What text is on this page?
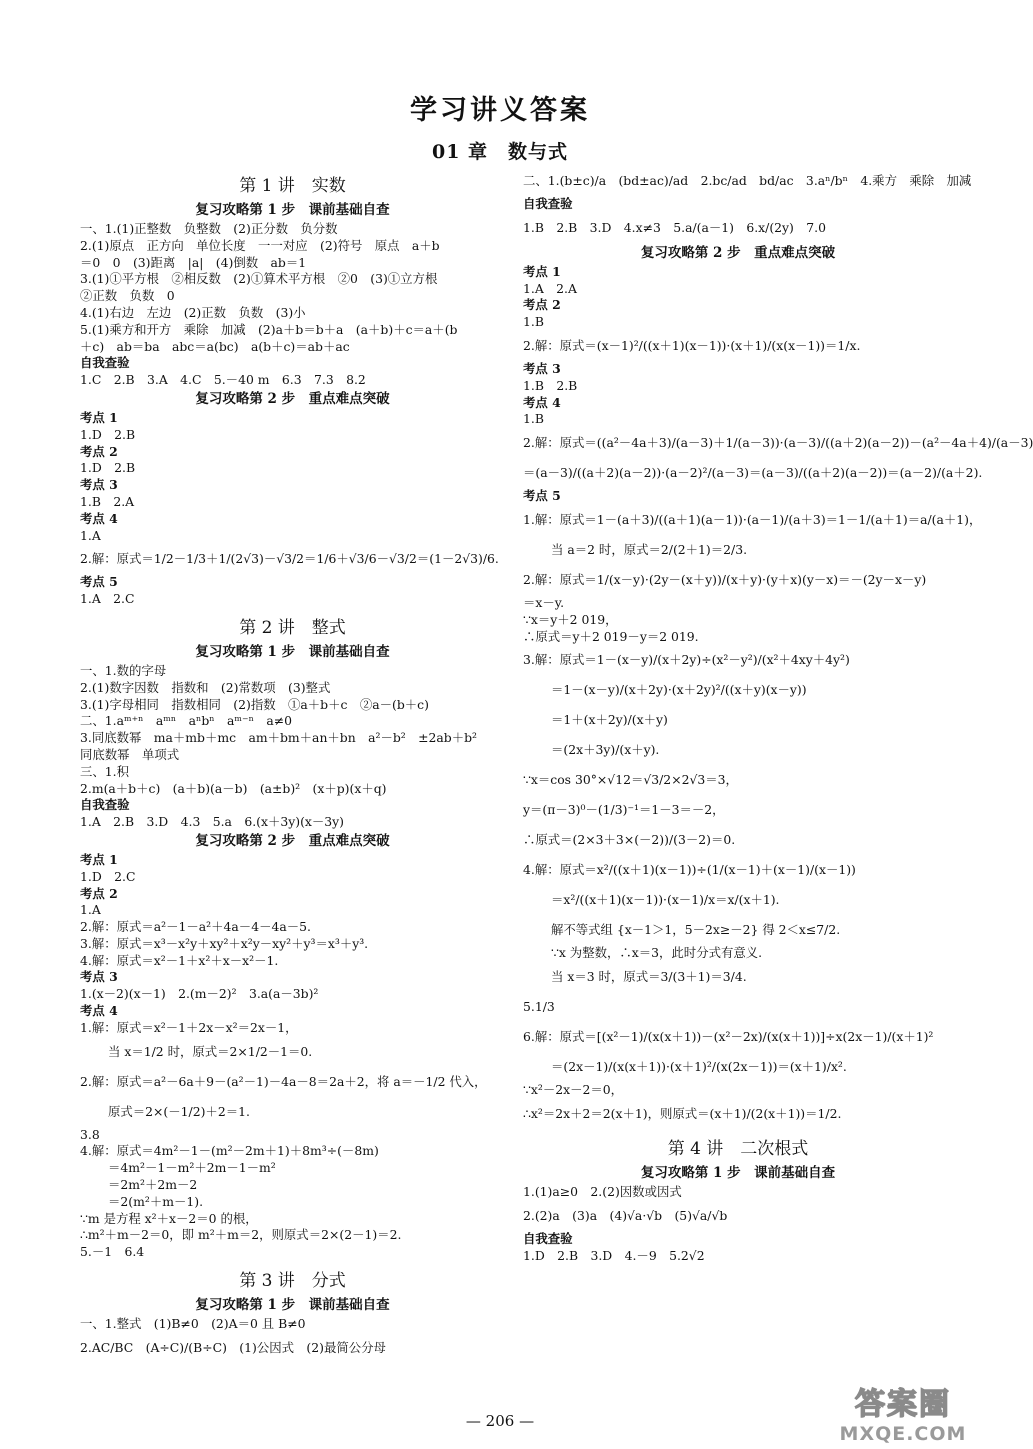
学习讲义答案
01 章　数与式
第 1 讲　实数
复习攻略第 1 步　课前基础自查
一、1.(1)正整数　负整数　(2)正分数　负分数
2.(1)原点　正方向　单位长度　一一对应　(2)符号　原点　a＋b
＝0　0　(3)距离　|a|　(4)倒数　ab＝1
3.(1)①平方根　②相反数　(2)①算术平方根　②0　(3)①立方根
②正数　负数　0
4.(1)右边　左边　(2)正数　负数　(3)小
5.(1)乘方和开方　乘除　加减　(2)a＋b＝b＋a　(a＋b)＋c＝a＋(b
＋c)　ab＝ba　abc＝a(bc)　a(b＋c)＝ab＋ac
自我查验
1.C　2.B　3.A　4.C　5.－40 m　6.3　7.3　8.2
复习攻略第 2 步　重点难点突破
考点 1
1.D　2.B
考点 2
1.D　2.B
考点 3
1.B　2.A
考点 4
1.A
2.解：原式＝1/2－1/3＋1/(2√3)－√3/2＝1/6＋√3/6－√3/2＝(1－2√3)/6.
考点 5
1.A　2.C
第 2 讲　整式
复习攻略第 1 步　课前基础自查
一、1.数的字母
2.(1)数字因数　指数和　(2)常数项　(3)整式
3.(1)字母相同　指数相同　(2)指数　①a＋b＋c　②a－(b＋c)
二、1.aᵐ⁺ⁿ　aᵐⁿ　aⁿbⁿ　aᵐ⁻ⁿ　a≠0
3.同底数幂　ma＋mb＋mc　am＋bm＋an＋bn　a²－b²　±2ab＋b²
同底数幂　单项式
三、1.积
2.m(a＋b＋c)　(a＋b)(a－b)　(a±b)²　(x＋p)(x＋q)
自我查验
1.A　2.B　3.D　4.3　5.a　6.(x＋3y)(x－3y)
复习攻略第 2 步　重点难点突破
考点 1
1.D　2.C
考点 2
1.A
2.解：原式＝a²－1－a²＋4a－4－4a－5.
3.解：原式＝x³－x²y＋xy²＋x²y－xy²＋y³＝x³＋y³.
4.解：原式＝x²－1＋x²＋x－x²－1.
考点 3
1.(x－2)(x－1)　2.(m－2)²　3.a(a－3b)²
考点 4
1.解：原式＝x²－1＋2x－x²＝2x－1，
当 x＝1/2 时，原式＝2×1/2－1＝0.
2.解：原式＝a²－6a＋9－(a²－1)－4a－8＝2a＋2，将 a＝－1/2 代入，
原式＝2×(－1/2)＋2＝1.
3.8
4.解：原式＝4m²－1－(m²－2m＋1)＋8m³÷(－8m)
＝4m²－1－m²＋2m－1－m²
＝2m²＋2m－2
＝2(m²＋m－1).
∵m 是方程 x²＋x－2＝0 的根，
∴m²＋m－2＝0，即 m²＋m＝2，则原式＝2×(2－1)＝2.
5.－1　6.4
第 3 讲　分式
复习攻略第 1 步　课前基础自查
一、1.整式　(1)B≠0　(2)A＝0 且 B≠0
2.AC/BC　(A÷C)/(B÷C)　(1)公因式　(2)最简公分母
二、1.(b±c)/a　(bd±ac)/ad　2.bc/ad　bd/ac　3.aⁿ/bⁿ　4.乘方　乘除　加减
自我查验
1.B　2.B　3.D　4.x≠3　5.a/(a－1)　6.x/(2y)　7.0
复习攻略第 2 步　重点难点突破
考点 1
1.A　2.A
考点 2
1.B
2.解：原式＝(x－1)²/((x＋1)(x－1))·(x＋1)/(x(x－1))＝1/x.
考点 3
1.B　2.B
考点 4
1.B
2.解：原式＝((a²－4a＋3)/(a－3)＋1/(a－3))·(a－3)/((a＋2)(a－2))－(a²－4a＋4)/(a－3)
＝(a－3)/((a＋2)(a－2))·(a－2)²/(a－3)＝(a－3)/((a＋2)(a－2))＝(a－2)/(a＋2).
考点 5
1.解：原式＝1－(a＋3)/((a＋1)(a－1))·(a－1)/(a＋3)＝1－1/(a＋1)＝a/(a＋1)，
当 a＝2 时，原式＝2/(2＋1)＝2/3.
2.解：原式＝1/(x－y)·(2y－(x＋y))/(x＋y)·(y＋x)(y－x)＝－(2y－x－y)
＝x－y.
∵x＝y＋2 019，
∴原式＝y＋2 019－y＝2 019.
3.解：原式＝1－(x－y)/(x＋2y)÷(x²－y²)/(x²＋4xy＋4y²)
＝1－(x－y)/(x＋2y)·(x＋2y)²/((x＋y)(x－y))
＝1＋(x＋2y)/(x＋y)
＝(2x＋3y)/(x＋y).
∵x＝cos 30°×√12＝√3/2×2√3＝3，
y＝(π－3)⁰－(1/3)⁻¹＝1－3＝－2，
∴原式＝(2×3＋3×(－2))/(3－2)＝0.
4.解：原式＝x²/((x＋1)(x－1))÷(1/(x－1)＋(x－1)/(x－1))
＝x²/((x＋1)(x－1))·(x－1)/x＝x/(x＋1).
解不等式组 {x－1＞1，5－2x≥－2} 得 2＜x≤7/2.
∵x 为整数，∴x＝3，此时分式有意义.
当 x＝3 时，原式＝3/(3＋1)＝3/4.
5.1/3
6.解：原式＝[(x²－1)/(x(x＋1))－(x²－2x)/(x(x＋1))]÷x(2x－1)/(x＋1)²
＝(2x－1)/(x(x＋1))·(x＋1)²/(x(2x－1))＝(x＋1)/x².
∵x²－2x－2＝0，
∴x²＝2x＋2＝2(x＋1)，则原式＝(x＋1)/(2(x＋1))＝1/2.
第 4 讲　二次根式
复习攻略第 1 步　课前基础自查
1.(1)a≥0　2.(2)因数或因式
2.(2)a　(3)a　(4)√a·√b　(5)√a/√b
自我查验
1.D　2.B　3.D　4.－9　5.2√2
— 206 —	答案圈
MXQE.COM
